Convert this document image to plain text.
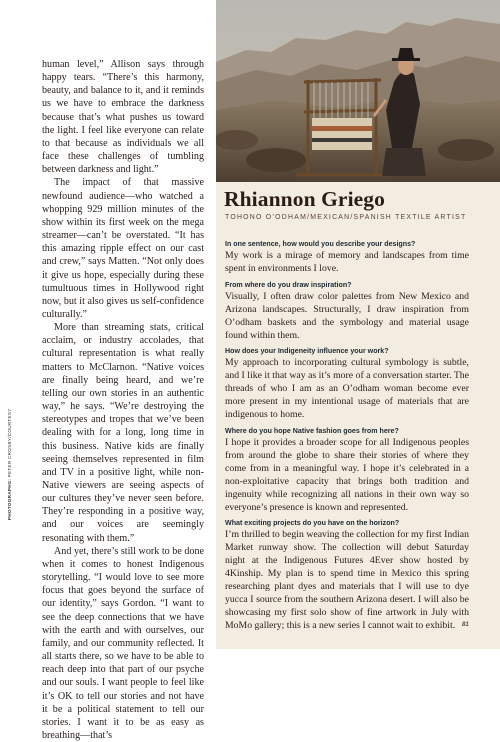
human level,” Allison says through happy tears. “There’s this harmony, beauty, and balance to it, and it reminds us we have to embrace the darkness because that’s what pushes us toward the light. I feel like everyone can relate to that because as individuals we all face these challenges of tumbling between darkness and light.”

The impact of that massive newfound audience—who watched a whopping 929 million minutes of the show within its first week on the mega streamer—can’t be overstated. “It has this amazing ripple effect on our cast and crew,” says Matten. “Not only does it give us hope, especially during these tumultuous times in Hollywood right now, but it also gives us self-confidence culturally.”

More than streaming stats, critical acclaim, or industry accolades, that cultural representation is what really matters to McClarnon. “Native voices are finally being heard, and we’re telling our own stories in an authentic way,” he says. “We’re destroying the stereotypes and tropes that we’ve been dealing with for a long, long time in this business. Native kids are finally seeing themselves represented in film and TV in a positive light, while non-Native viewers are seeing aspects of our cultures they’ve never seen before. They’re responding in a positive way, and our voices are seemingly resonating with them.”

And yet, there’s still work to be done when it comes to honest Indigenous storytelling. “I would love to see more focus that goes beyond the surface of our identity,” says Gordon. “I want to see the deep connections that we have with the earth and with ourselves, our family, and our community reflected. It all starts there, so we have to be able to reach deep into that part of our psyche and our souls. I want people to feel like it’s OK to tell our stories and not have it be a political statement to tell our stories. I want it to be as easy as breathing—that’s

PHOTOGRAPHS: PETER CROSBY/COURTESY
Rhiannon Griego
TOHONO O’ODHAM/MEXICAN/SPANISH TEXTILE ARTIST

In one sentence, how would you describe your designs?

My work is a mirage of memory and landscapes from time spent in environments I love.

From where do you draw inspiration?

Visually, I often draw color palettes from New Mexico and Arizona landscapes. Structurally, I draw inspiration from O’odham baskets and the symbology and material usage found within them.

How does your Indigeneity influence your work?

My approach to incorporating cultural symbology is subtle, and I like it that way as it’s more of a conversation starter. The threads of who I am as an O’odham woman become ever more present in my intentional usage of materials that are indigenous to home.

Where do you hope Native fashion goes from here?

I hope it provides a broader scope for all Indigenous peoples from around the globe to share their stories of where they come from in a meaningful way. I hope it’s celebrated in a non-exploitative capacity that brings both tradition and ingenuity while recognizing all nations in their own way so everyone’s presence is known and represented.

What exciting projects do you have on the horizon?

I’m thrilled to begin weaving the collection for my first Indian Market runway show. The collection will debut Saturday night at the Indigenous Futures 4Ever show hosted by 4Kinship. My plan is to spend time in Mexico this spring researching plant dyes and materials that I will use to dye yucca I source from the southern Arizona desert. I will also be showcasing my first solo show of fine artwork in July with MoMo gallery; this is a new series I cannot wait to exhibit.	81
